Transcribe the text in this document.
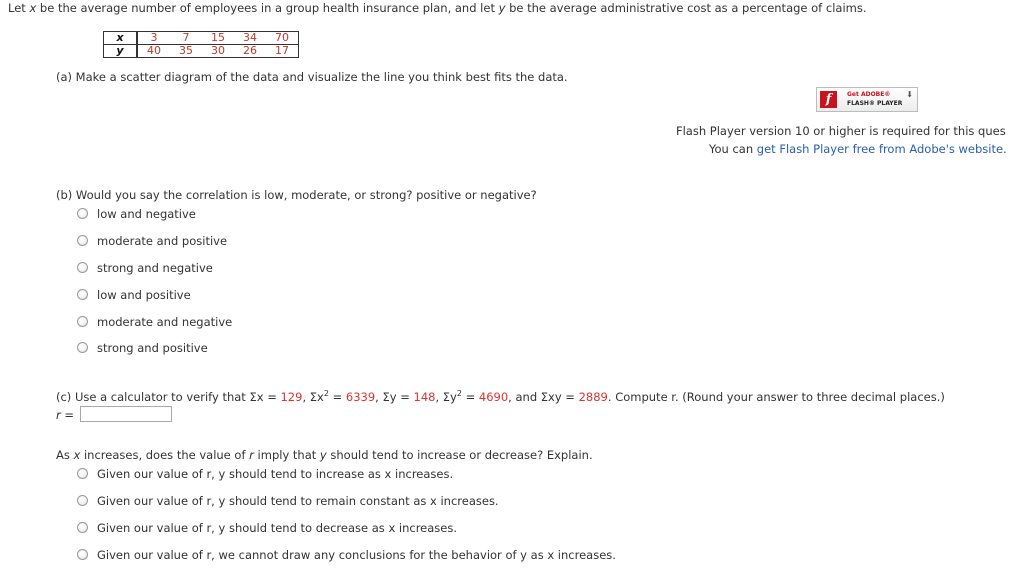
Let x be the average number of employees in a group health insurance plan, and let y be the average administrative cost as a percentage of claims.
x	3	7	15	34	70
y	40	35	30	26	17
(a) Make a scatter diagram of the data and visualize the line you think best fits the data.
f	Get ADOBE®
FLASH® PLAYER
⬇
Flash Player version 10 or higher is required for this ques
You can get Flash Player free from Adobe's website.
(b) Would you say the correlation is low, moderate, or strong? positive or negative?
low and negative
moderate and positive
strong and negative
low and positive
moderate and negative
strong and positive
(c) Use a calculator to verify that Σx = 129, $\Sigma x^2 = 6339$, Σy = 148, $\Sigma y^2 = 4690$, and Σxy = 2889. Compute r. (Round your answer to three decimal places.)
r =
As x increases, does the value of r imply that y should tend to increase or decrease? Explain.
Given our value of r, y should tend to increase as x increases.
Given our value of r, y should tend to remain constant as x increases.
Given our value of r, y should tend to decrease as x increases.
Given our value of r, we cannot draw any conclusions for the behavior of y as x increases.
